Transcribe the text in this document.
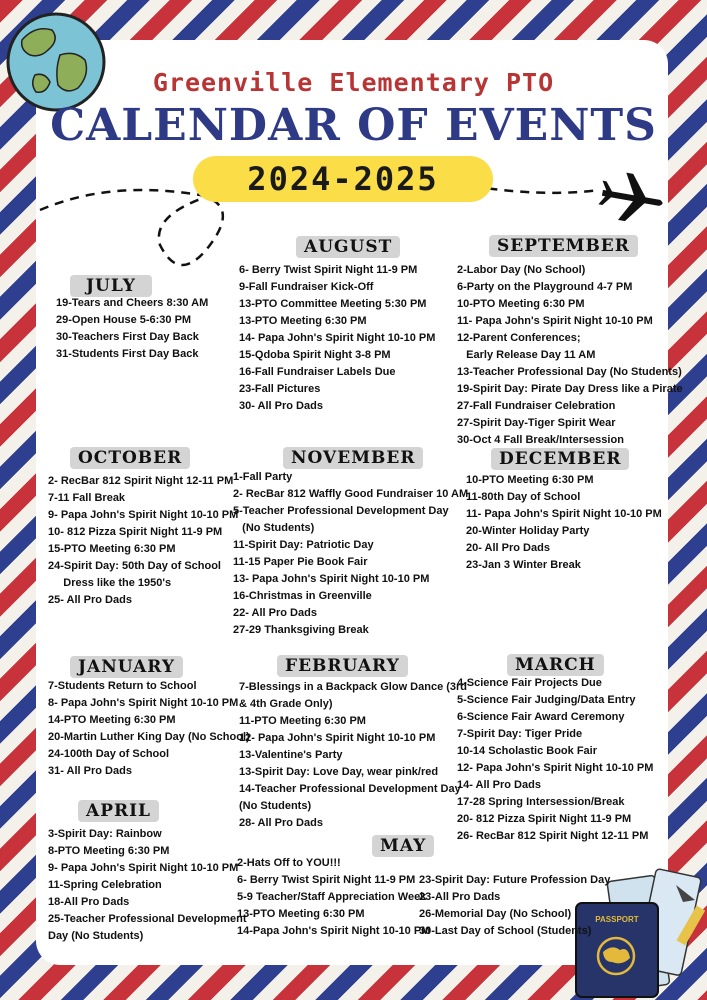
PASSPORT
Greenville Elementary PTO
CALENDAR OF EVENTS
2024-2025
JULY
19-Tears and Cheers 8:30 AM
29-Open House 5-6:30 PM
30-Teachers First Day Back
31-Students First Day Back
AUGUST
6- Berry Twist Spirit Night 11-9 PM
9-Fall Fundraiser Kick-Off
13-PTO Committee Meeting 5:30 PM
13-PTO Meeting 6:30 PM
14- Papa John's Spirit Night 10-10 PM
15-Qdoba Spirit Night 3-8 PM
16-Fall Fundraiser Labels Due
23-Fall Pictures
30- All Pro Dads
SEPTEMBER
2-Labor Day (No School)
6-Party on the Playground 4-7 PM
10-PTO Meeting 6:30 PM
11- Papa John's Spirit Night 10-10 PM
12-Parent Conferences;
Early Release Day 11 AM
13-Teacher Professional Day (No Students)
19-Spirit Day: Pirate Day Dress like a Pirate
27-Fall Fundraiser Celebration
27-Spirit Day-Tiger Spirit Wear
30-Oct 4 Fall Break/Intersession
OCTOBER
2- RecBar 812 Spirit Night 12-11 PM
7-11 Fall Break
9- Papa John's Spirit Night 10-10 PM
10- 812 Pizza Spirit Night 11-9 PM
15-PTO Meeting 6:30 PM
24-Spirit Day: 50th Day of School
Dress like the 1950's
25- All Pro Dads
NOVEMBER
1-Fall Party
2- RecBar 812 Waffly Good Fundraiser 10 AM
5-Teacher Professional Development Day
(No Students)
11-Spirit Day: Patriotic Day
11-15 Paper Pie Book Fair
13- Papa John's Spirit Night 10-10 PM
16-Christmas in Greenville
22- All Pro Dads
27-29 Thanksgiving Break
DECEMBER
10-PTO Meeting 6:30 PM
11-80th Day of School
11- Papa John's Spirit Night 10-10 PM
20-Winter Holiday Party
20- All Pro Dads
23-Jan 3 Winter Break
JANUARY
7-Students Return to School
8- Papa John's Spirit Night 10-10 PM
14-PTO Meeting 6:30 PM
20-Martin Luther King Day (No School)
24-100th Day of School
31- All Pro Dads
FEBRUARY
7-Blessings in a Backpack Glow Dance (3rd
& 4th Grade Only)
11-PTO Meeting 6:30 PM
12- Papa John's Spirit Night 10-10 PM
13-Valentine's Party
13-Spirit Day: Love Day, wear pink/red
14-Teacher Professional Development Day
(No Students)
28- All Pro Dads
MARCH
4-Science Fair Projects Due
5-Science Fair Judging/Data Entry
6-Science Fair Award Ceremony
7-Spirit Day: Tiger Pride
10-14 Scholastic Book Fair
12- Papa John's Spirit Night 10-10 PM
14- All Pro Dads
17-28 Spring Intersession/Break
20- 812 Pizza Spirit Night 11-9 PM
26- RecBar 812 Spirit Night 12-11 PM
APRIL
3-Spirit Day: Rainbow
8-PTO Meeting 6:30 PM
9- Papa John's Spirit Night 10-10 PM
11-Spring Celebration
18-All Pro Dads
25-Teacher Professional Development
Day (No Students)
MAY
2-Hats Off to YOU!!!
6- Berry Twist Spirit Night 11-9 PM
5-9 Teacher/Staff Appreciation Week
13-PTO Meeting 6:30 PM
14-Papa John's Spirit Night 10-10 PM
23-Spirit Day: Future Profession Day
23-All Pro Dads
26-Memorial Day (No School)
30-Last Day of School (Students)
